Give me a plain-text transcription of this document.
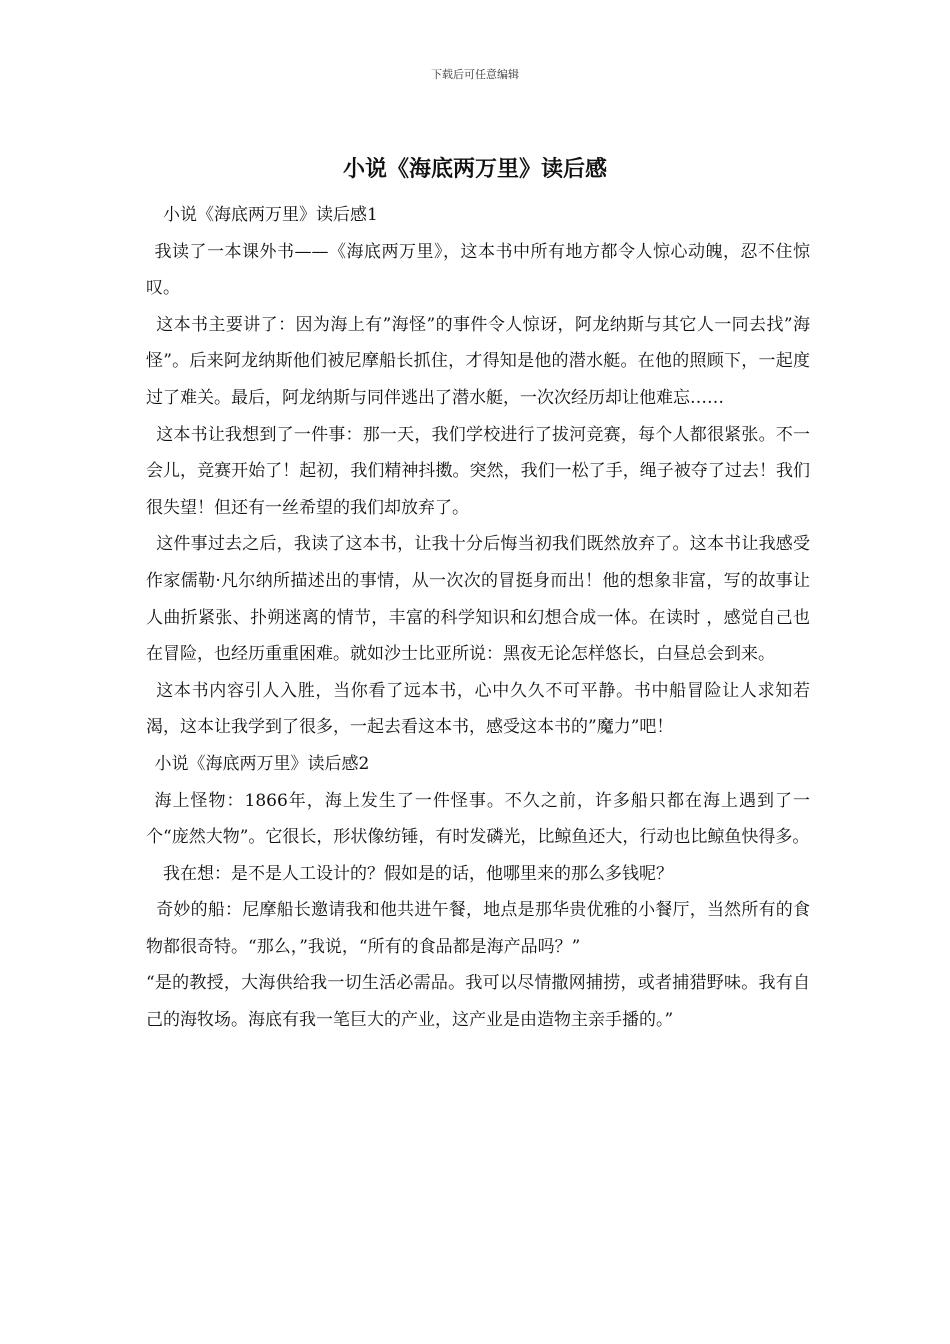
下载后可任意编辑
小说《海底两万里》读后感

小说《海底两万里》读后感1

我读了一本课外书——《海底两万里》，这本书中所有地方都令人惊心动魄，忍不住惊叹。

这本书主要讲了：因为海上有”海怪”的事件令人惊讶，阿龙纳斯与其它人一同去找”海怪”。后来阿龙纳斯他们被尼摩船长抓住，才得知是他的潜水艇。在他的照顾下，一起度过了难关。最后，阿龙纳斯与同伴逃出了潜水艇，一次次经历却让他难忘……

这本书让我想到了一件事：那一天，我们学校进行了拔河竞赛，每个人都很紧张。不一会儿，竞赛开始了！起初，我们精神抖擞。突然，我们一松了手，绳子被夺了过去！我们很失望！但还有一丝希望的我们却放弃了。

这件事过去之后，我读了这本书，让我十分后悔当初我们既然放弃了。这本书让我感受作家儒勒·凡尔纳所描述出的事情，从一次次的冒挺身而出！他的想象非富，写的故事让人曲折紧张、扑朔迷离的情节，丰富的科学知识和幻想合成一体。在读时 ，感觉自己也在冒险，也经历重重困难。就如沙士比亚所说：黑夜无论怎样悠长，白昼总会到来。

这本书内容引人入胜，当你看了远本书，心中久久不可平静。书中船冒险让人求知若渴，这本让我学到了很多，一起去看这本书，感受这本书的”魔力”吧！

小说《海底两万里》读后感2

海上怪物：1866年，海上发生了一件怪事。不久之前，许多船只都在海上遇到了一个“庞然大物”。它很长，形状像纺锤，有时发磷光，比鲸鱼还大，行动也比鲸鱼快得多。

我在想：是不是人工设计的？假如是的话，他哪里来的那么多钱呢？

奇妙的船：尼摩船长邀请我和他共进午餐，地点是那华贵优雅的小餐厅，当然所有的食物都很奇特。“那么，”我说，“所有的食品都是海产品吗？”

“是的教授，大海供给我一切生活必需品。我可以尽情撒网捕捞，或者捕猎野味。我有自己的海牧场。海底有我一笔巨大的产业，这产业是由造物主亲手播的。”
